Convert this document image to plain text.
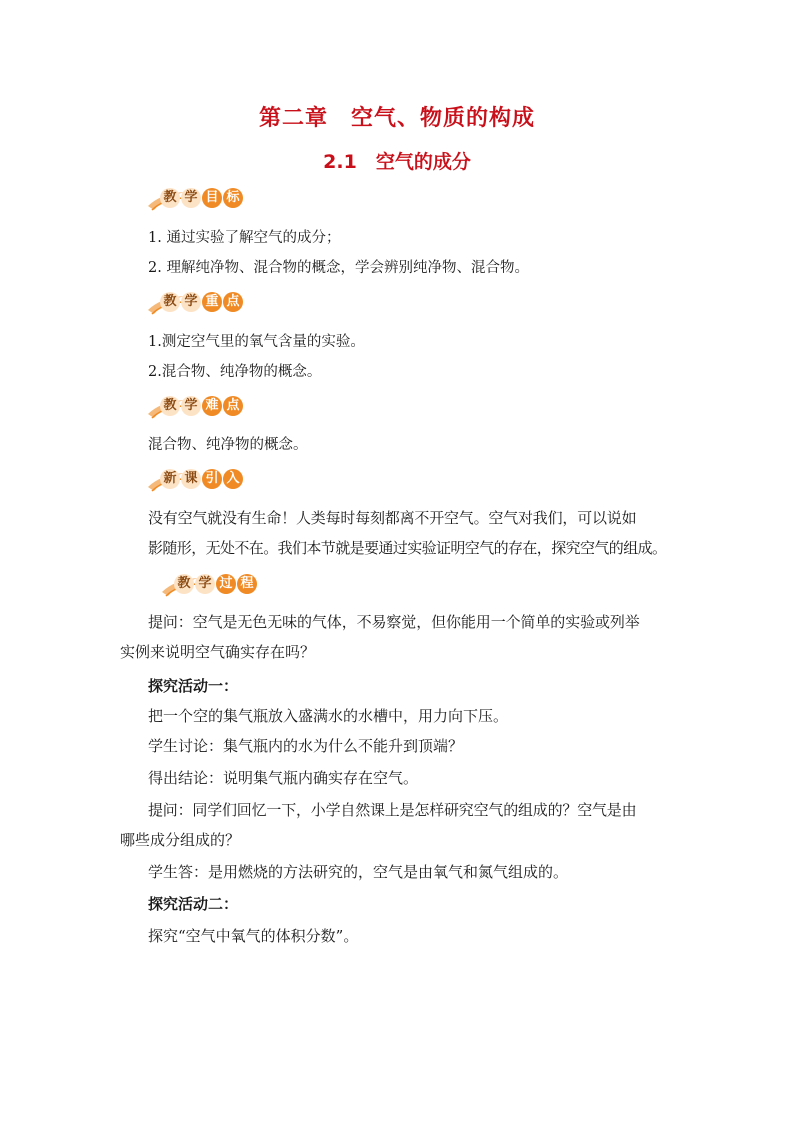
第二章　空气、物质的构成
2.1　空气的成分
教 学 目 标
1. 通过实验了解空气的成分；
2. 理解纯净物、混合物的概念，学会辨别纯净物、混合物。
教 学 重 点
1.测定空气里的氧气含量的实验。
2.混合物、纯净物的概念。
教 学 难 点
混合物、纯净物的概念。
新 课 引 入
没有空气就没有生命！人类每时每刻都离不开空气。空气对我们，可以说如
影随形，无处不在。我们本节就是要通过实验证明空气的存在，探究空气的组成。
教 学 过 程
提问：空气是无色无味的气体，不易察觉，但你能用一个简单的实验或列举
实例来说明空气确实存在吗？
探究活动一：
把一个空的集气瓶放入盛满水的水槽中，用力向下压。
学生讨论：集气瓶内的水为什么不能升到顶端？
得出结论：说明集气瓶内确实存在空气。
提问：同学们回忆一下，小学自然课上是怎样研究空气的组成的？空气是由
哪些成分组成的？
学生答：是用燃烧的方法研究的，空气是由氧气和氮气组成的。
探究活动二：
探究“空气中氧气的体积分数”。
